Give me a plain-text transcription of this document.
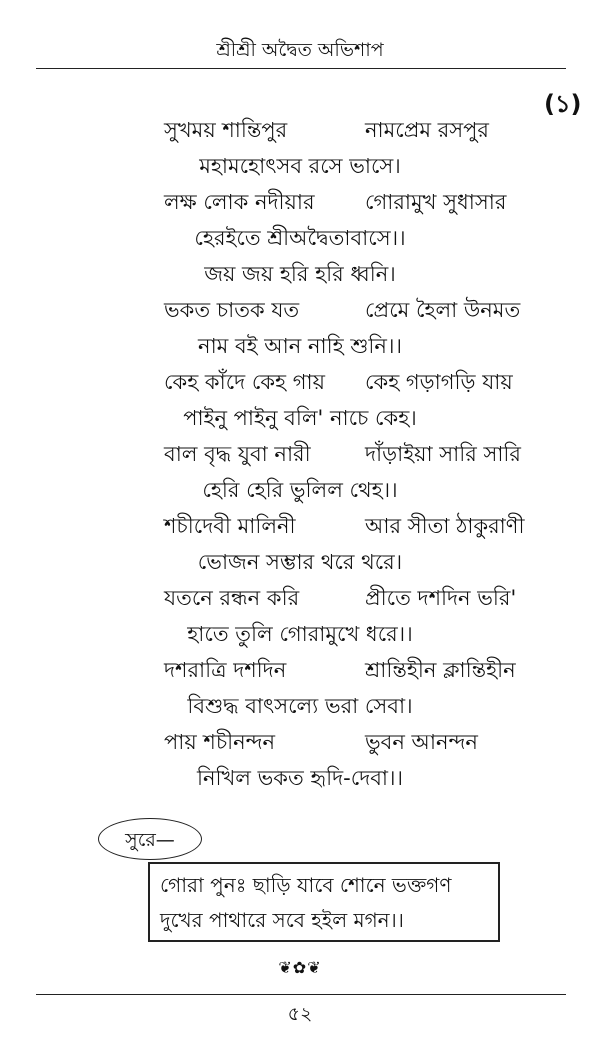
শ্রীশ্রী অদ্বৈত অভিশাপ
(১)
সুখময় শান্তিপুর	নামপ্রেম রসপুর
মহামহোৎসব রসে ভাসে।
লক্ষ লোক নদীয়ার গোরামুখ সুধাসার
হেরইতে শ্রীঅদ্বৈতাবাসে।।
জয় জয় হরি হরি ধ্বনি।
ভকত চাতক যত	প্রেমে হৈলা উনমত
নাম বই আন নাহি শুনি।।
কেহ কাঁদে কেহ গায় কেহ গড়াগড়ি যায়
পাইনু পাইনু বলি' নাচে কেহ।
বাল বৃদ্ধ যুবা নারী	দাঁড়াইয়া সারি সারি
হেরি হেরি ভুলিল থেহ।।
শচীদেবী মালিনী	আর সীতা ঠাকুরাণী
ভোজন সম্ভার থরে থরে।
যতনে রন্ধন করি	প্রীতে দশদিন ভরি'
হাতে তুলি গোরামুখে ধরে।।
দশরাত্রি দশদিন	শ্রান্তিহীন ক্লান্তিহীন
বিশুদ্ধ বাৎসল্যে ভরা সেবা।
পায় শচীনন্দন	ভুবন আনন্দন
নিখিল ভকত হৃদি-দেবা।।
সুরে—
গোরা পুনঃ ছাড়ি যাবে শোনে ভক্তগণ
দুখের পাথারে সবে হইল মগন।।
❦✿❦
৫২
